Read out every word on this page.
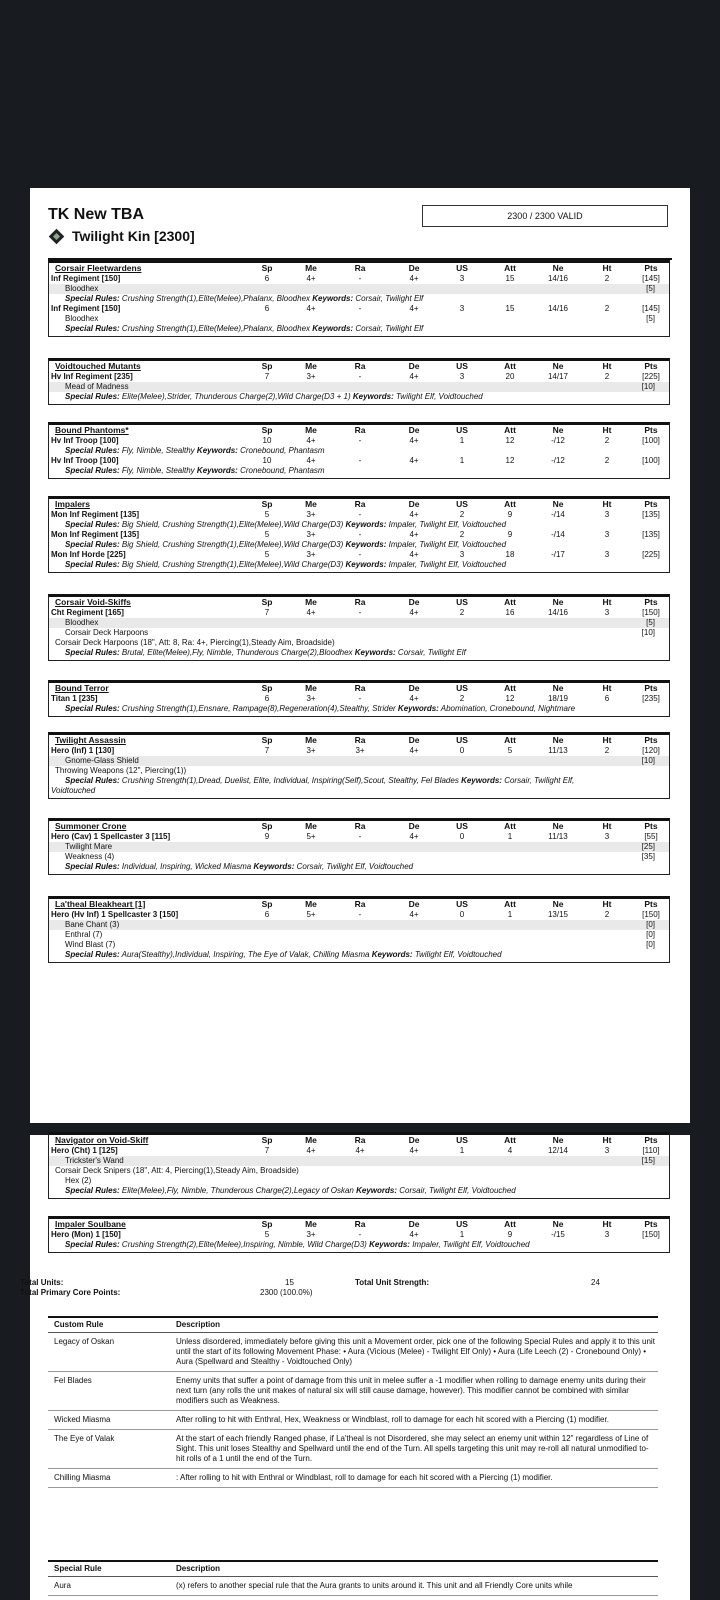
TK New TBA
Twilight Kin [2300]
2300 / 2300 VALID
Total Units:	15	Total Unit Strength:	24
Total Primary Core Points:	2300 (100.0%)
Custom Rule	Description
Legacy of Oskan	Unless disordered, immediately before giving this unit a Movement order, pick one of the following Special Rules and apply it to this unit until the start of its following Movement Phase: • Aura (Vicious (Melee) - Twilight Elf Only) • Aura (Life Leech (2) - Cronebound Only) • Aura (Spellward and Stealthy - Voidtouched Only)
Fel Blades	Enemy units that suffer a point of damage from this unit in melee suffer a -1 modifier when rolling to damage enemy units during their next turn (any rolls the unit makes of natural six will still cause damage, however). This modifier cannot be combined with similar modifiers such as Weakness.
Wicked Miasma	After rolling to hit with Enthral, Hex, Weakness or Windblast, roll to damage for each hit scored with a Piercing (1) modifier.
The Eye of Valak	At the start of each friendly Ranged phase, if La'theal is not Disordered, she may select an enemy unit within 12" regardless of Line of Sight. This unit loses Stealthy and Spellward until the end of the Turn. All spells targeting this unit may re-roll all natural unmodified to-hit rolls of a 1 until the end of the Turn.
Chilling Miasma	: After rolling to hit with Enthral or Windblast, roll to damage for each hit scored with a Piercing (1) modifier.
Special Rule	Description
Aura	(x) refers to another special rule that the Aura grants to units around it. This unit and all Friendly Core units while
Corsair Fleetwardens	Sp	Me	Ra	De	US	Att	Ne	Ht	Pts
Inf Regiment [150]	6	4+	-	4+	3	15	14/16	2	[145]
Bloodhex	[5]
Special Rules: Crushing Strength(1),Elite(Melee),Phalanx, Bloodhex Keywords: Corsair, Twilight Elf
Inf Regiment [150]	6	4+	-	4+	3	15	14/16	2	[145]
Bloodhex	[5]
Special Rules: Crushing Strength(1),Elite(Melee),Phalanx, Bloodhex Keywords: Corsair, Twilight Elf
Voidtouched Mutants	Sp	Me	Ra	De	US	Att	Ne	Ht	Pts
Hv Inf Regiment [235]	7	3+	-	4+	3	20	14/17	2	[225]
Mead of Madness	[10]
Special Rules: Elite(Melee),Strider, Thunderous Charge(2),Wild Charge(D3 + 1) Keywords: Twilight Elf, Voidtouched
Bound Phantoms*	Sp	Me	Ra	De	US	Att	Ne	Ht	Pts
Hv Inf Troop [100]	10	4+	-	4+	1	12	-/12	2	[100]
Special Rules: Fly, Nimble, Stealthy Keywords: Cronebound, Phantasm
Hv Inf Troop [100]	10	4+	-	4+	1	12	-/12	2	[100]
Special Rules: Fly, Nimble, Stealthy Keywords: Cronebound, Phantasm
Impalers	Sp	Me	Ra	De	US	Att	Ne	Ht	Pts
Mon Inf Regiment [135]	5	3+	-	4+	2	9	-/14	3	[135]
Special Rules: Big Shield, Crushing Strength(1),Elite(Melee),Wild Charge(D3) Keywords: Impaler, Twilight Elf, Voidtouched
Mon Inf Regiment [135]	5	3+	-	4+	2	9	-/14	3	[135]
Special Rules: Big Shield, Crushing Strength(1),Elite(Melee),Wild Charge(D3) Keywords: Impaler, Twilight Elf, Voidtouched
Mon Inf Horde [225]	5	3+	-	4+	3	18	-/17	3	[225]
Special Rules: Big Shield, Crushing Strength(1),Elite(Melee),Wild Charge(D3) Keywords: Impaler, Twilight Elf, Voidtouched
Corsair Void-Skiffs	Sp	Me	Ra	De	US	Att	Ne	Ht	Pts
Cht Regiment [165]	7	4+	-	4+	2	16	14/16	3	[150]
Bloodhex	[5]
Corsair Deck Harpoons	[10]
Corsair Deck Harpoons (18", Att: 8, Ra: 4+, Piercing(1),Steady Aim, Broadside)
Special Rules: Brutal, Elite(Melee),Fly, Nimble, Thunderous Charge(2),Bloodhex Keywords: Corsair, Twilight Elf
Bound Terror	Sp	Me	Ra	De	US	Att	Ne	Ht	Pts
Titan 1 [235]	6	3+	-	4+	2	12	18/19	6	[235]
Special Rules: Crushing Strength(1),Ensnare, Rampage(8),Regeneration(4),Stealthy, Strider Keywords: Abomination, Cronebound, Nightmare
Twilight Assassin	Sp	Me	Ra	De	US	Att	Ne	Ht	Pts
Hero (Inf) 1 [130]	7	3+	3+	4+	0	5	11/13	2	[120]
Gnome-Glass Shield	[10]
Throwing Weapons (12", Piercing(1))
Special Rules: Crushing Strength(1),Dread, Duelist, Elite, Individual, Inspiring(Self),Scout, Stealthy, Fel Blades Keywords: Corsair, Twilight Elf,
Voidtouched
Summoner Crone	Sp	Me	Ra	De	US	Att	Ne	Ht	Pts
Hero (Cav) 1 Spellcaster 3 [115]	9	5+	-	4+	0	1	11/13	3	[55]
Twilight Mare	[25]
Weakness (4)	[35]
Special Rules: Individual, Inspiring, Wicked Miasma Keywords: Corsair, Twilight Elf, Voidtouched
La'theal Bleakheart [1]	Sp	Me	Ra	De	US	Att	Ne	Ht	Pts
Hero (Hv Inf) 1 Spellcaster 3 [150]	6	5+	-	4+	0	1	13/15	2	[150]
Bane Chant (3)	[0]
Enthral (7)	[0]
Wind Blast (7)	[0]
Special Rules: Aura(Stealthy),Individual, Inspiring, The Eye of Valak, Chilling Miasma Keywords: Twilight Elf, Voidtouched
Navigator on Void-Skiff	Sp	Me	Ra	De	US	Att	Ne	Ht	Pts
Hero (Cht) 1 [125]	7	4+	4+	4+	1	4	12/14	3	[110]
Trickster's Wand	[15]
Corsair Deck Snipers (18", Att: 4, Piercing(1),Steady Aim, Broadside)
Hex (2)
Special Rules: Elite(Melee),Fly, Nimble, Thunderous Charge(2),Legacy of Oskan Keywords: Corsair, Twilight Elf, Voidtouched
Impaler Soulbane	Sp	Me	Ra	De	US	Att	Ne	Ht	Pts
Hero (Mon) 1 [150]	5	3+	-	4+	1	9	-/15	3	[150]
Special Rules: Crushing Strength(2),Elite(Melee),Inspiring, Nimble, Wild Charge(D3) Keywords: Impaler, Twilight Elf, Voidtouched
